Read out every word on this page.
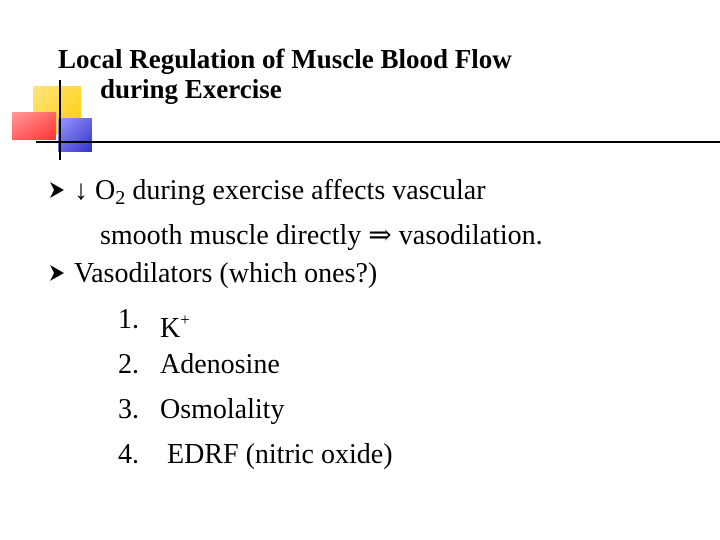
Local Regulation of Muscle Blood Flow
during Exercise
↓ $O_2$ during exercise affects vascular
smooth muscle directly ⇒ vasodilation.
Vasodilators (which ones?)
1. K+
2. Adenosine
3. Osmolality
4. EDRF (nitric oxide)
